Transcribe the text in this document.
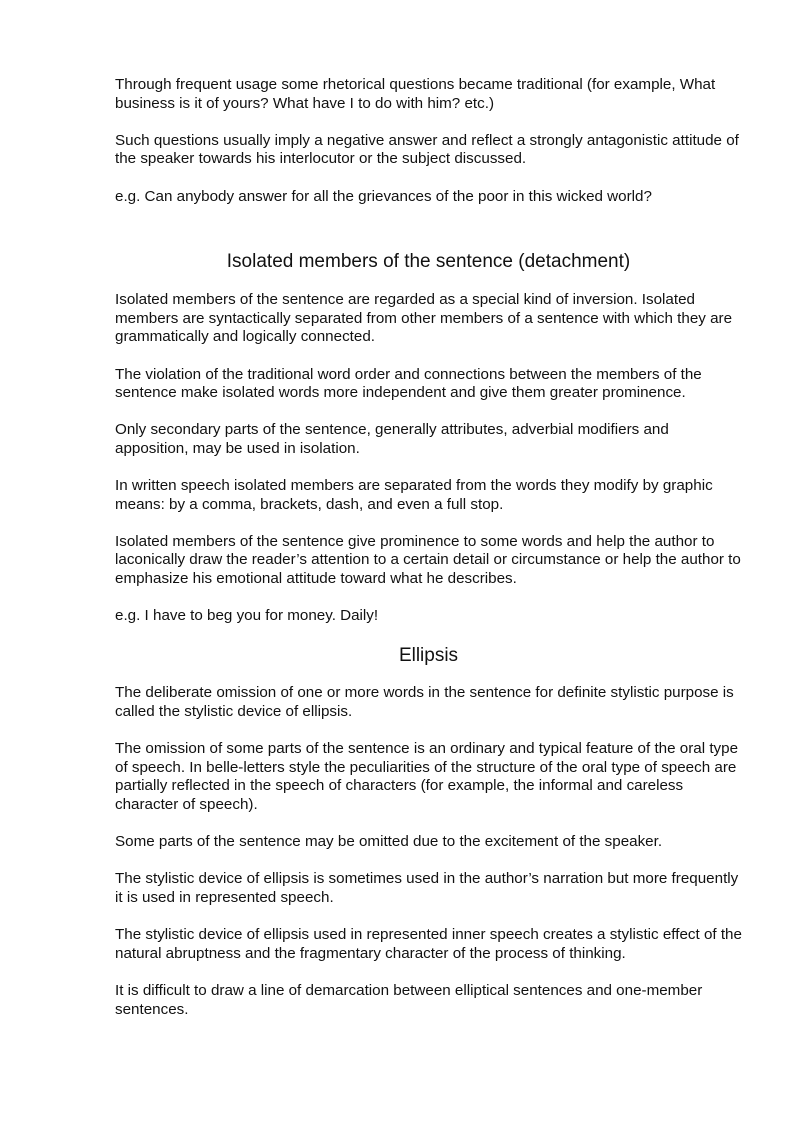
Through frequent usage some rhetorical questions became traditional (for example, What business is it of yours? What have I to do with him? etc.)

Such questions usually imply a negative answer and reflect a strongly antagonistic attitude of the speaker towards his interlocutor or the subject discussed.

e.g. Can anybody answer for all the grievances of the poor in this wicked world?

Isolated members of the sentence (detachment)

Isolated members of the sentence are regarded as a special kind of inversion. Isolated members are syntactically separated from other members of a sentence with which they are grammatically and logically connected.

The violation of the traditional word order and connections between the members of the sentence make isolated words more independent and give them greater prominence.

Only secondary parts of the sentence, generally attributes, adverbial modifiers and apposition, may be used in isolation.

In written speech isolated members are separated from the words they modify by graphic means: by a comma, brackets, dash, and even a full stop.

Isolated members of the sentence give prominence to some words and help the author to laconically draw the reader’s attention to a certain detail or circumstance or help the author to emphasize his emotional attitude toward what he describes.

e.g. I have to beg you for money. Daily!

Ellipsis

The deliberate omission of one or more words in the sentence for definite stylistic purpose is called the stylistic device of ellipsis.

The omission of some parts of the sentence is an ordinary and typical feature of the oral type of speech. In belle-letters style the peculiarities of the structure of the oral type of speech are partially reflected in the speech of characters (for example, the informal and careless character of speech).

Some parts of the sentence may be omitted due to the excitement of the speaker.

The stylistic device of ellipsis is sometimes used in the author’s narration but more frequently it is used in represented speech.

The stylistic device of ellipsis used in represented inner speech creates a stylistic effect of the natural abruptness and the fragmentary character of the process of thinking.

It is difficult to draw a line of demarcation between elliptical sentences and one-member sentences.
